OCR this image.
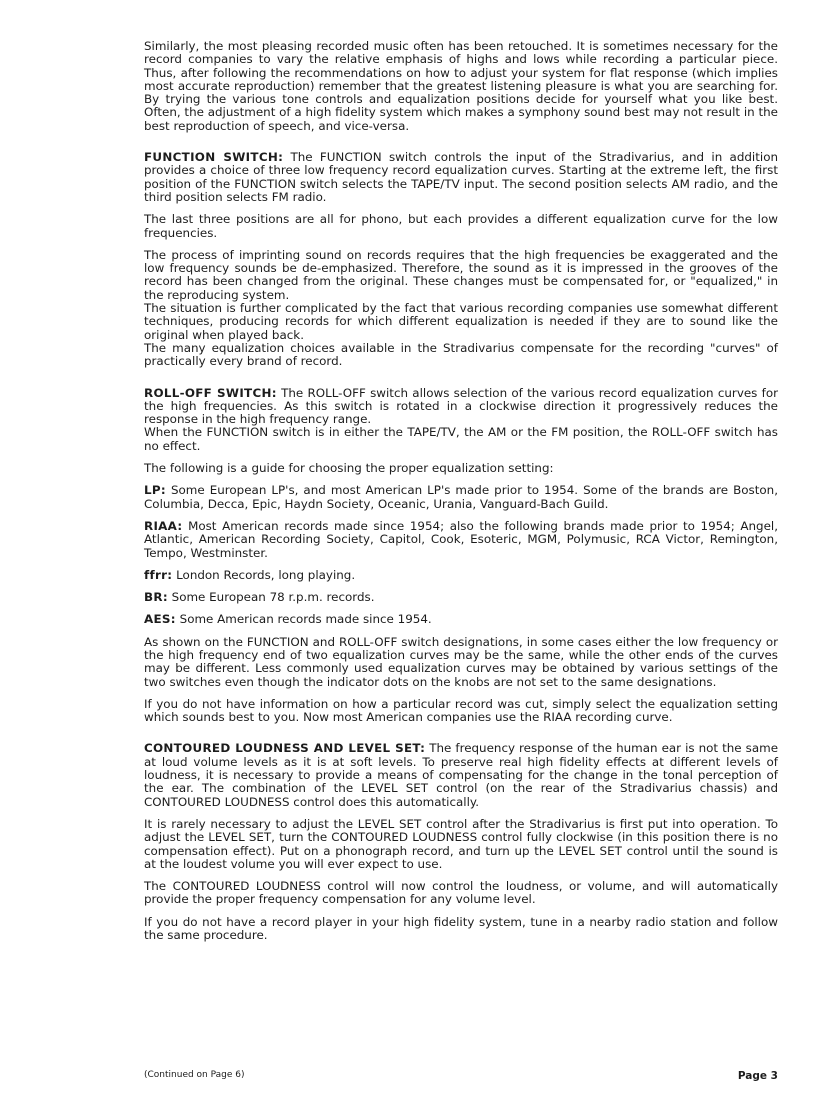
Similarly, the most pleasing recorded music often has been retouched. It is sometimes necessary for the record companies to vary the relative emphasis of highs and lows while recording a particular piece. Thus, after following the recommendations on how to adjust your system for flat response (which implies most accurate reproduction) remember that the greatest listening pleasure is what you are searching for. By trying the various tone controls and equalization positions decide for yourself what you like best. Often, the adjustment of a high fidelity system which makes a symphony sound best may not result in the best reproduction of speech, and vice-versa.

FUNCTION SWITCH: The FUNCTION switch controls the input of the Stradivarius, and in addition provides a choice of three low frequency record equalization curves. Starting at the extreme left, the first position of the FUNCTION switch selects the TAPE/TV input. The second position selects AM radio, and the third position selects FM radio.

The last three positions are all for phono, but each provides a different equalization curve for the low frequencies.

The process of imprinting sound on records requires that the high frequencies be exaggerated and the low frequency sounds be de-emphasized. Therefore, the sound as it is impressed in the grooves of the record has been changed from the original. These changes must be compensated for, or "equalized," in the reproducing system.

The situation is further complicated by the fact that various recording companies use somewhat different techniques, producing records for which different equalization is needed if they are to sound like the original when played back.

The many equalization choices available in the Stradivarius compensate for the recording "curves" of practically every brand of record.

ROLL-OFF SWITCH: The ROLL-OFF switch allows selection of the various record equalization curves for the high frequencies. As this switch is rotated in a clockwise direction it progressively reduces the response in the high frequency range.

When the FUNCTION switch is in either the TAPE/TV, the AM or the FM position, the ROLL-OFF switch has no effect.

The following is a guide for choosing the proper equalization setting:

LP: Some European LP's, and most American LP's made prior to 1954. Some of the brands are Boston, Columbia, Decca, Epic, Haydn Society, Oceanic, Urania, Vanguard-Bach Guild.

RIAA: Most American records made since 1954; also the following brands made prior to 1954; Angel, Atlantic, American Recording Society, Capitol, Cook, Esoteric, MGM, Polymusic, RCA Victor, Remington, Tempo, Westminster.

ffrr: London Records, long playing.

BR: Some European 78 r.p.m. records.

AES: Some American records made since 1954.

As shown on the FUNCTION and ROLL-OFF switch designations, in some cases either the low frequency or the high frequency end of two equalization curves may be the same, while the other ends of the curves may be different. Less commonly used equalization curves may be obtained by various settings of the two switches even though the indicator dots on the knobs are not set to the same designations.

If you do not have information on how a particular record was cut, simply select the equalization setting which sounds best to you. Now most American companies use the RIAA recording curve.

CONTOURED LOUDNESS AND LEVEL SET: The frequency response of the human ear is not the same at loud volume levels as it is at soft levels. To preserve real high fidelity effects at different levels of loudness, it is necessary to provide a means of compensating for the change in the tonal perception of the ear. The combination of the LEVEL SET control (on the rear of the Stradivarius chassis) and CONTOURED LOUDNESS control does this automatically.

It is rarely necessary to adjust the LEVEL SET control after the Stradivarius is first put into operation. To adjust the LEVEL SET, turn the CONTOURED LOUDNESS control fully clockwise (in this position there is no compensation effect). Put on a phonograph record, and turn up the LEVEL SET control until the sound is at the loudest volume you will ever expect to use.

The CONTOURED LOUDNESS control will now control the loudness, or volume, and will automatically provide the proper frequency compensation for any volume level.

If you do not have a record player in your high fidelity system, tune in a nearby radio station and follow the same procedure.

(Continued on Page 6)	Page 3
